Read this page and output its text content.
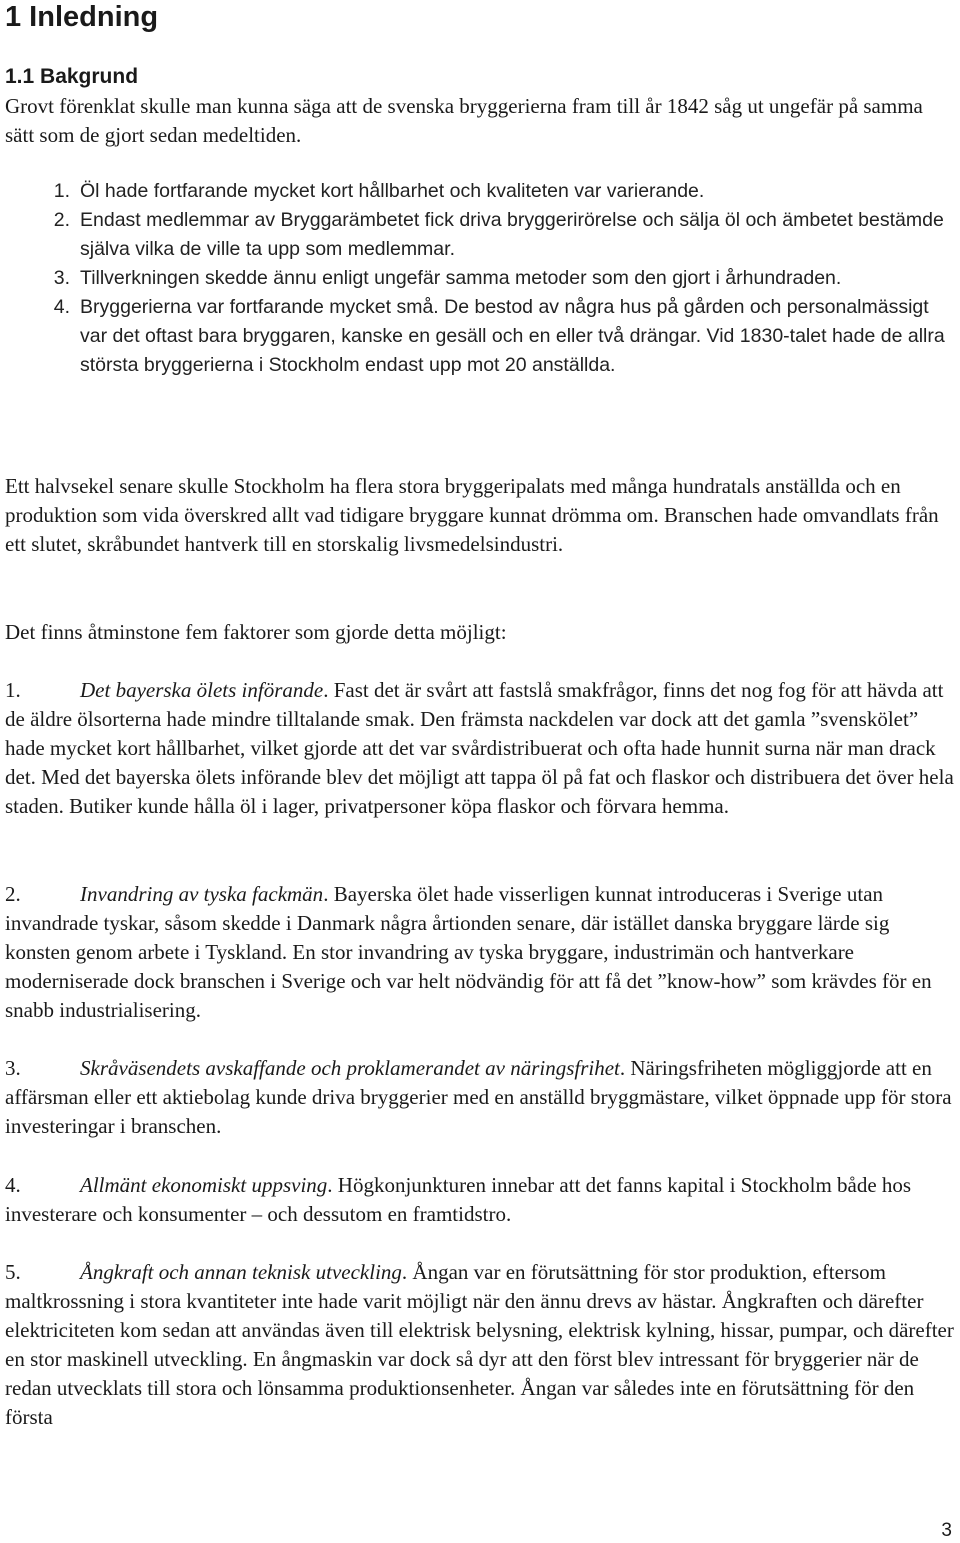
1 Inledning
1.1 Bakgrund

Grovt förenklat skulle man kunna säga att de svenska bryggerierna fram till år 1842 såg ut ungefär på samma sätt som de gjort sedan medeltiden.

1. Öl hade fortfarande mycket kort hållbarhet och kvaliteten var varierande.
2. Endast medlemmar av Bryggarämbetet fick driva bryggerirörelse och sälja öl och ämbetet bestämde själva vilka de ville ta upp som medlemmar.
3. Tillverkningen skedde ännu enligt ungefär samma metoder som den gjort i århundraden.
4. Bryggerierna var fortfarande mycket små. De bestod av några hus på gården och personalmässigt var det oftast bara bryggaren, kanske en gesäll och en eller två drängar. Vid 1830-talet hade de allra största bryggerierna i Stockholm endast upp mot 20 anställda.

Ett halvsekel senare skulle Stockholm ha flera stora bryggeripalats med många hundratals anställda och en produktion som vida överskred allt vad tidigare bryggare kunnat drömma om. Branschen hade omvandlats från ett slutet, skråbundet hantverk till en storskalig livsmedelsindustri.

Det finns åtminstone fem faktorer som gjorde detta möjligt:

1.	Det bayerska ölets införande. Fast det är svårt att fastslå smakfrågor, finns det nog fog för att hävda att de äldre ölsorterna hade mindre tilltalande smak. Den främsta nackdelen var dock att det gamla ”svenskölet” hade mycket kort hållbarhet, vilket gjorde att det var svårdistribuerat och ofta hade hunnit surna när man drack det. Med det bayerska ölets införande blev det möjligt att tappa öl på fat och flaskor och distribuera det över hela staden. Butiker kunde hålla öl i lager, privatpersoner köpa flaskor och förvara hemma.

2.	Invandring av tyska fackmän. Bayerska ölet hade visserligen kunnat introduceras i Sverige utan invandrade tyskar, såsom skedde i Danmark några årtionden senare, där istället danska bryggare lärde sig konsten genom arbete i Tyskland. En stor invandring av tyska bryggare, industrimän och hantverkare moderniserade dock branschen i Sverige och var helt nödvändig för att få det ”know-how” som krävdes för en snabb industrialisering.

3.	Skråväsendets avskaffande och proklamerandet av näringsfrihet. Näringsfriheten mögliggjorde att en affärsman eller ett aktiebolag kunde driva bryggerier med en anställd bryggmästare, vilket öppnade upp för stora investeringar i branschen.

4.	Allmänt ekonomiskt uppsving. Högkonjunkturen innebar att det fanns kapital i Stockholm både hos investerare och konsumenter – och dessutom en framtidstro.

5.	Ångkraft och annan teknisk utveckling. Ångan var en förutsättning för stor produktion, eftersom maltkrossning i stora kvantiteter inte hade varit möjligt när den ännu drevs av hästar. Ångkraften och därefter elektriciteten kom sedan att användas även till elektrisk belysning, elektrisk kylning, hissar, pumpar, och därefter en stor maskinell utveckling. En ångmaskin var dock så dyr att den först blev intressant för bryggerier när de redan utvecklats till stora och lönsamma produktionsenheter. Ångan var således inte en förutsättning för den första

3
